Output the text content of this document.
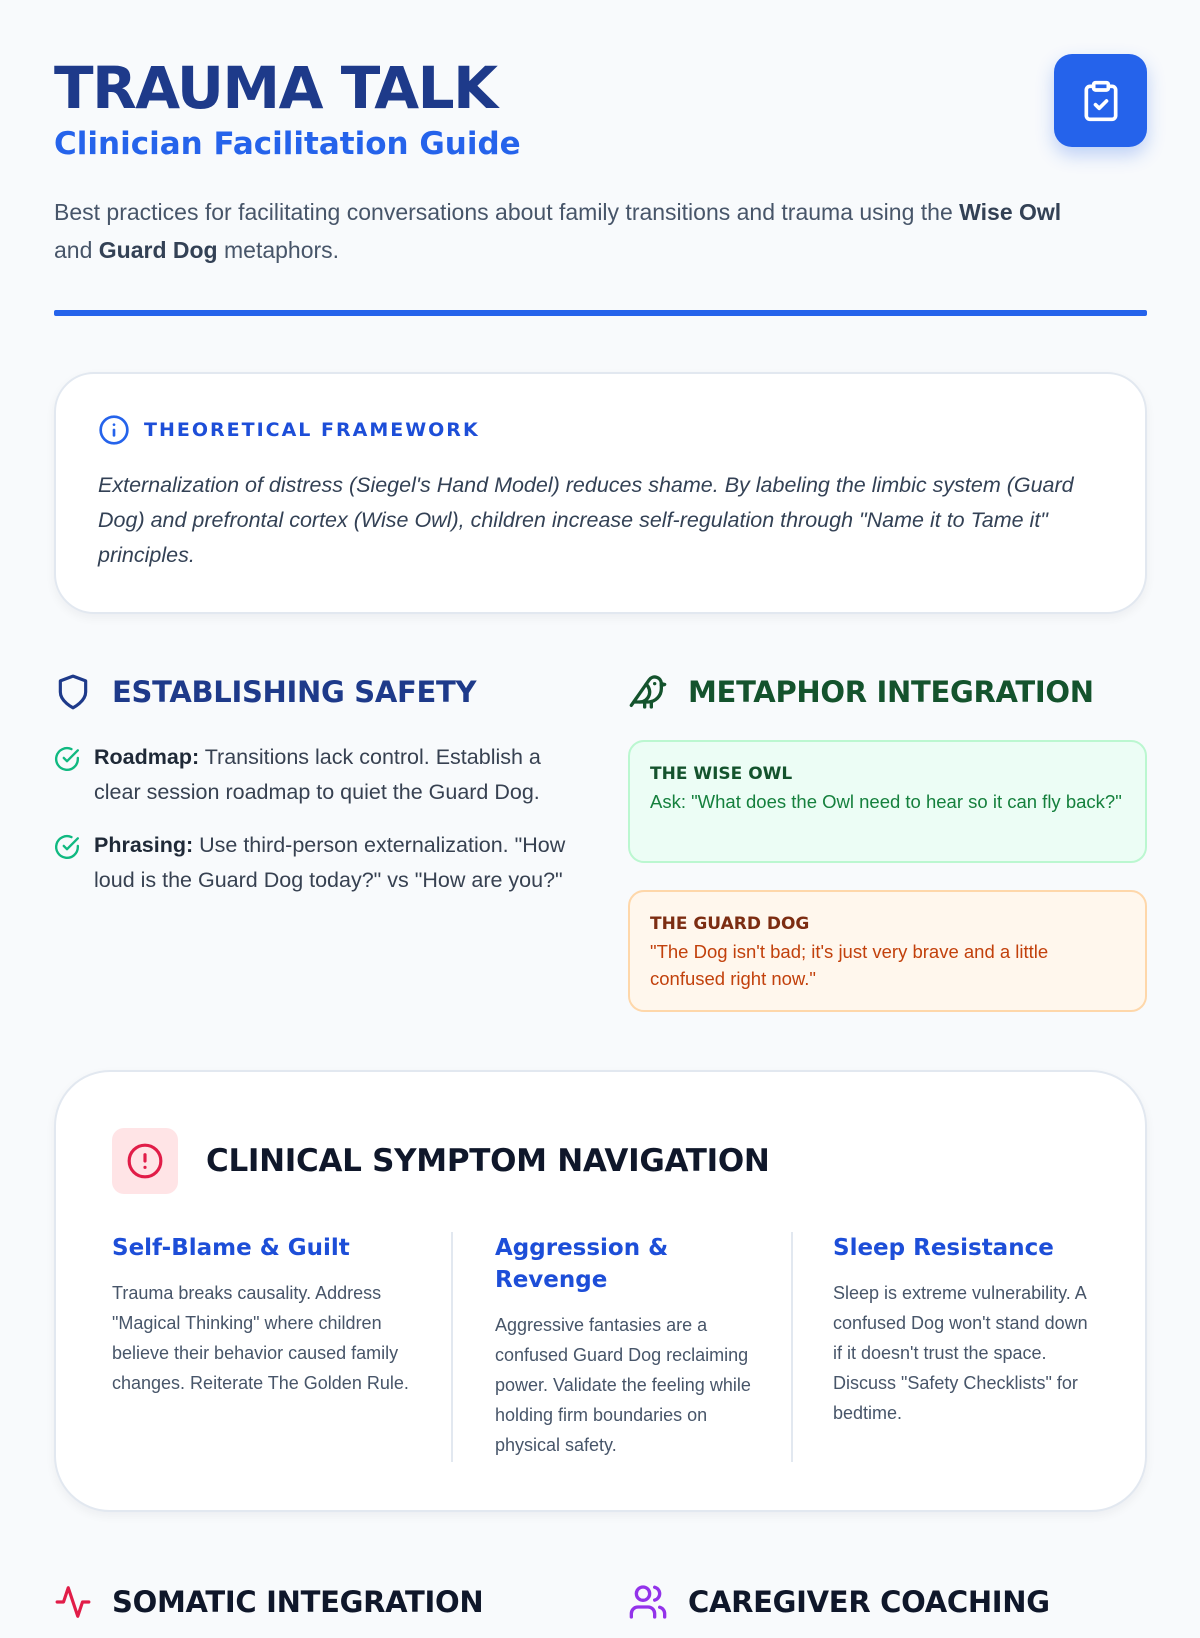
TRAUMA TALK
Clinician Facilitation Guide

Best practices for facilitating conversations about family transitions and trauma using the Wise Owl
and Guard Dog metaphors.

THEORETICAL FRAMEWORK

Externalization of distress (Siegel's Hand Model) reduces shame. By labeling the limbic system (Guard Dog) and prefrontal cortex (Wise Owl), children increase self-regulation through "Name it to Tame it" principles.

ESTABLISHING SAFETY

Roadmap: Transitions lack control. Establish a clear session roadmap to quiet the Guard Dog.

Phrasing: Use third-person externalization. "How loud is the Guard Dog today?" vs "How are you?"

METAPHOR INTEGRATION
THE WISE OWL
Ask: "What does the Owl need to hear so it can fly back?"
THE GUARD DOG
"The Dog isn't bad; it's just very brave and a little confused right now."
CLINICAL SYMPTOM NAVIGATION
Self-Blame & Guilt

Trauma breaks causality. Address "Magical Thinking" where children believe their behavior caused family changes. Reiterate The Golden Rule.

Aggression & Revenge

Aggressive fantasies are a confused Guard Dog reclaiming power. Validate the feeling while holding firm boundaries on physical safety.

Sleep Resistance

Sleep is extreme vulnerability. A confused Dog won't stand down if it doesn't trust the space. Discuss "Safety Checklists" for bedtime.

SOMATIC INTEGRATION	CAREGIVER COACHING
